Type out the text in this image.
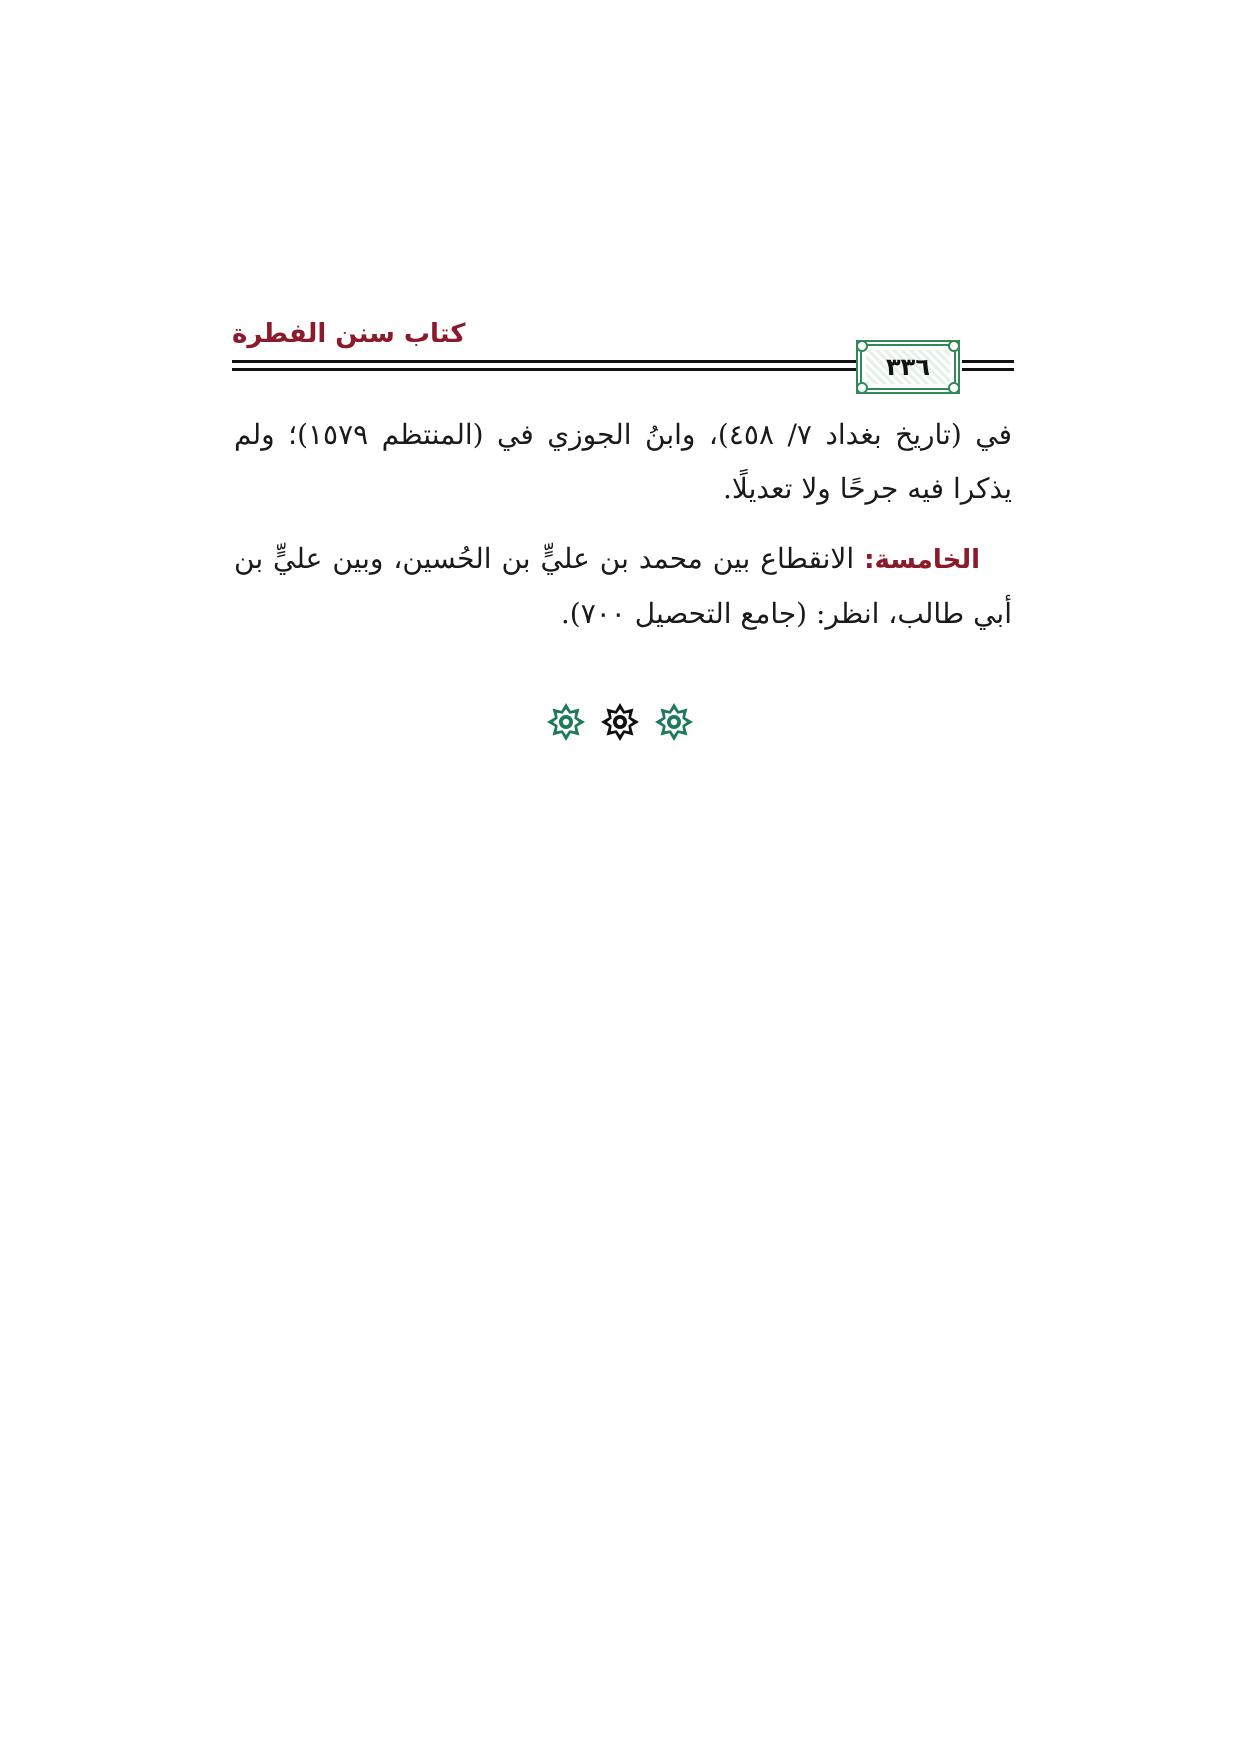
كتاب سنن الفطرة
٣٣٦

في (تاريخ بغداد ٧/ ٤٥٨)، وابنُ الجوزي في (المنتظم ١٥٧٩)؛ ولم يذكرا فيه جرحًا ولا تعديلًا.

الخامسة: الانقطاع بين محمد بن عليٍّ بن الحُسين، وبين عليٍّ بن أبي طالب، انظر: (جامع التحصيل ٧٠٠).
